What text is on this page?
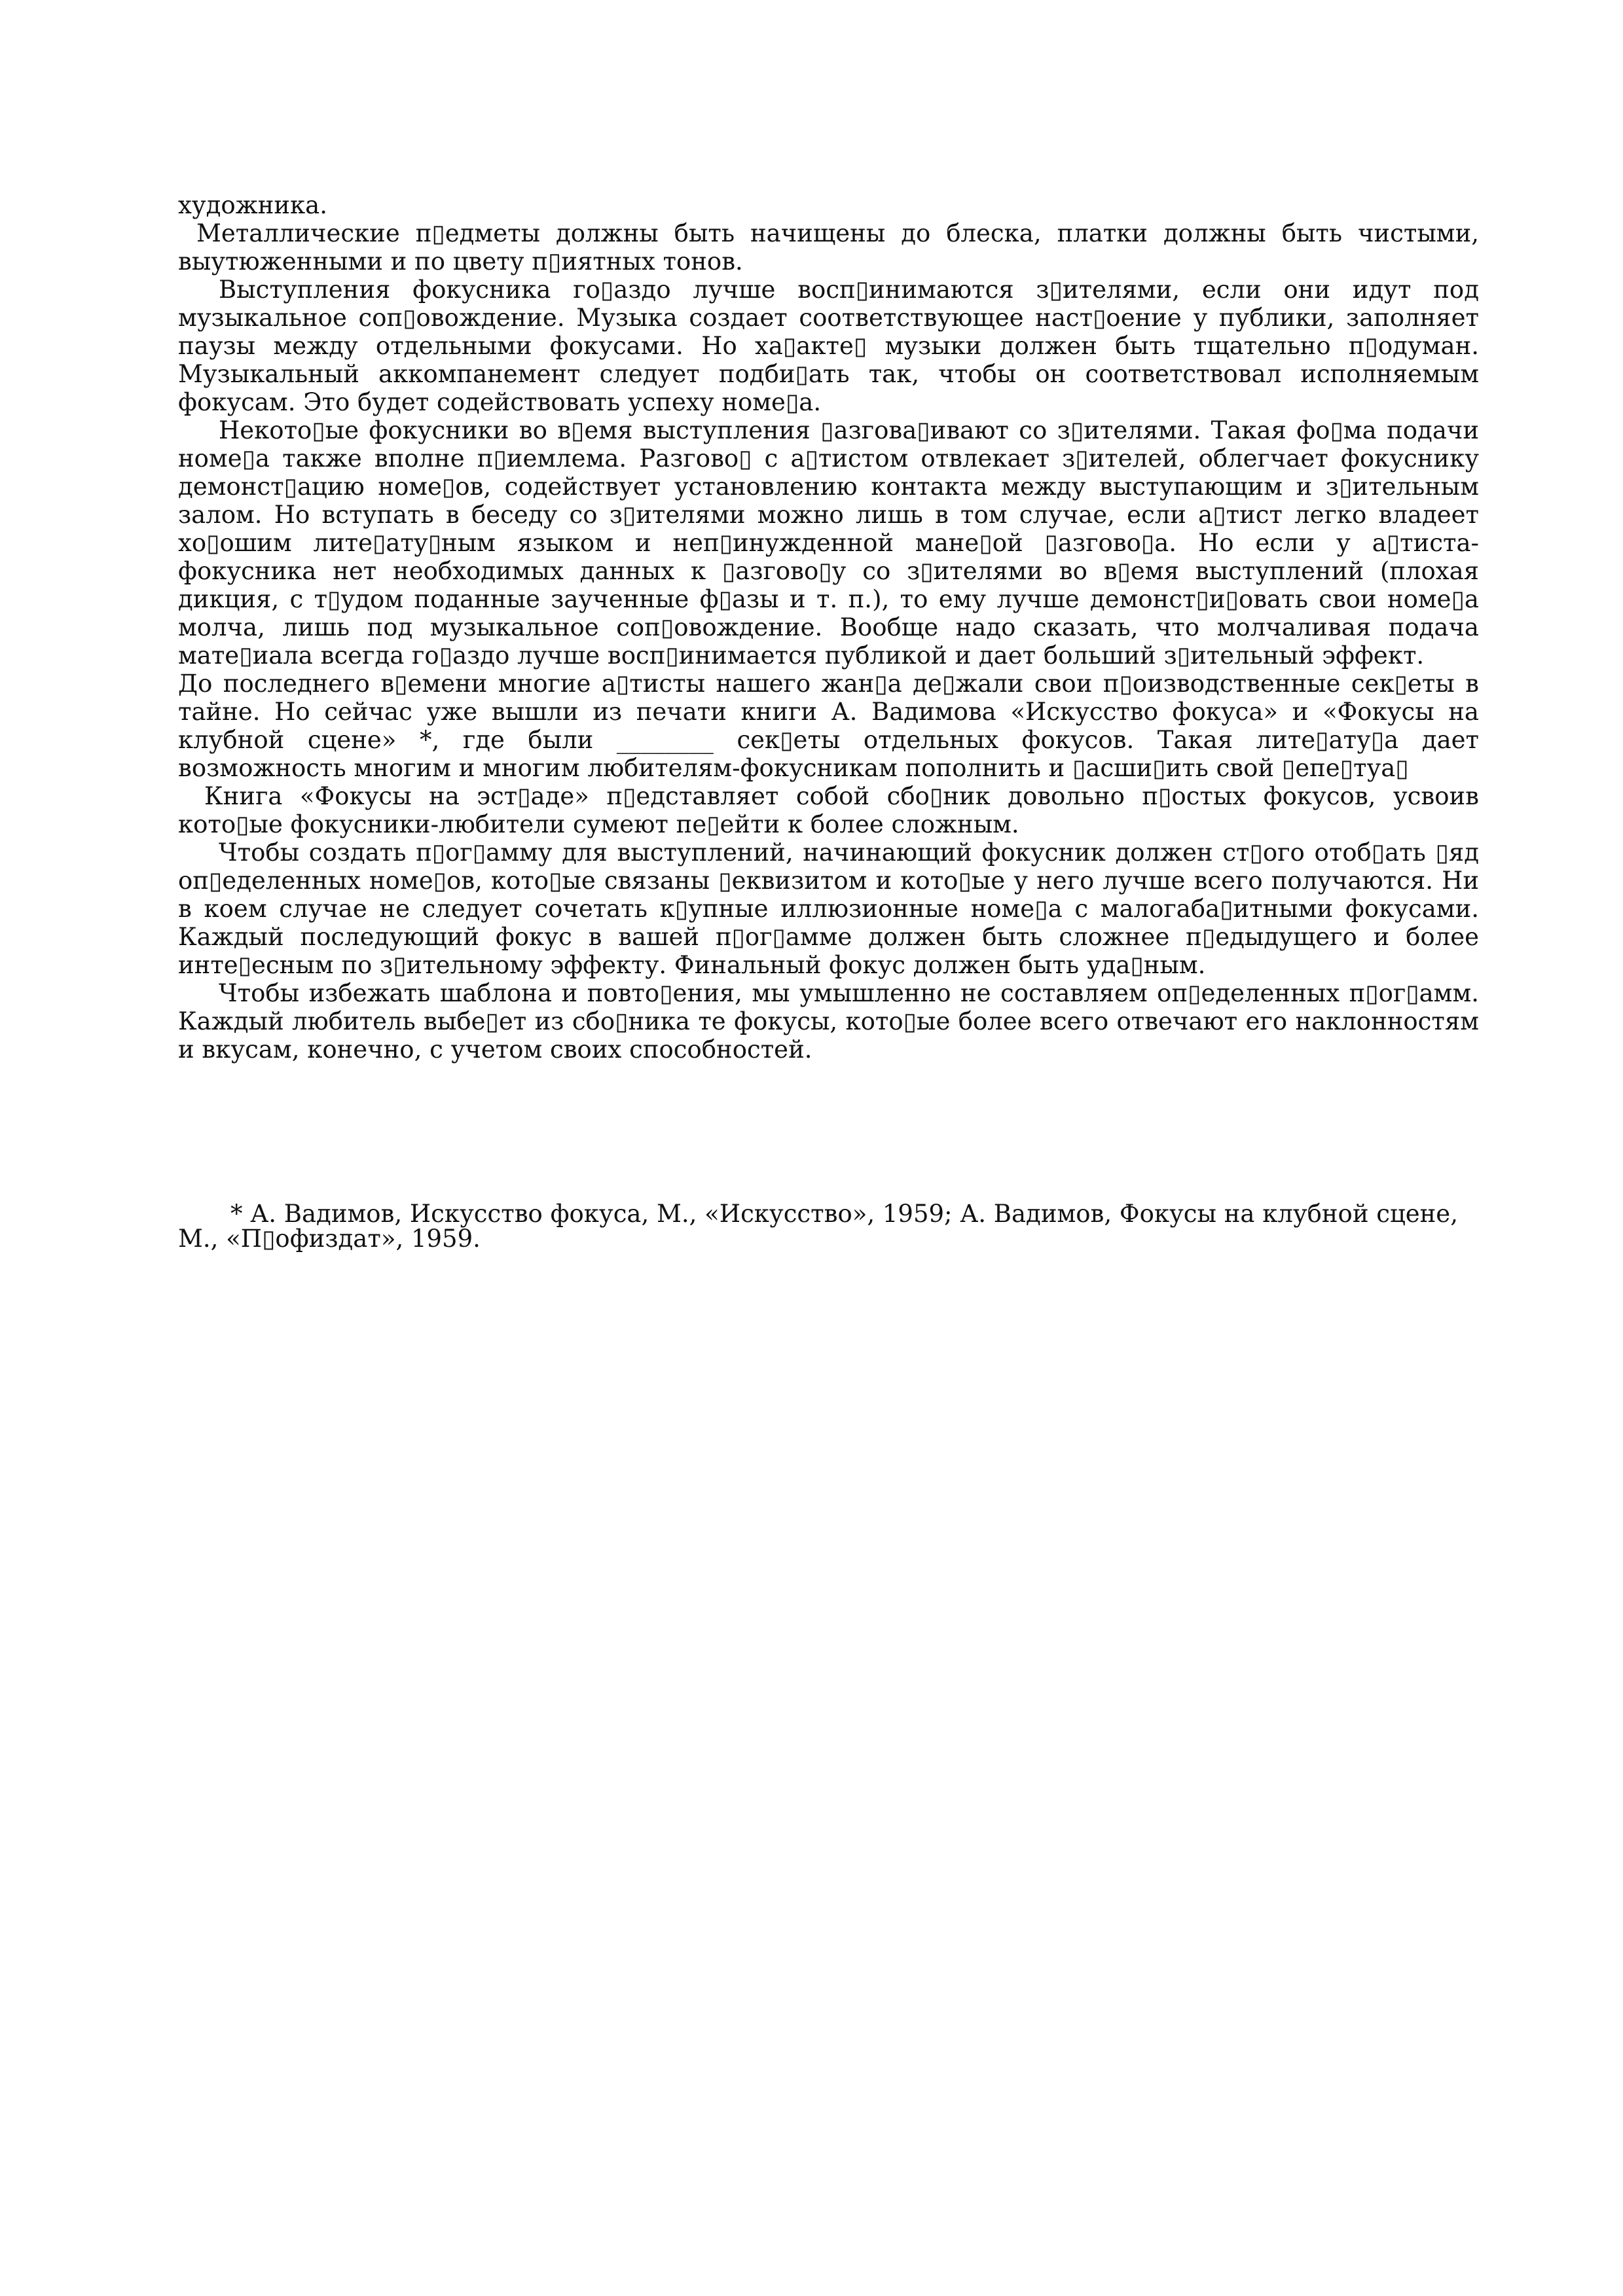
художника.

Металлические п▯едметы должны быть начищены до блеска, платки должны быть чистыми, выутюженными и по цвету п▯иятных тонов.

Выступления фокусника го▯аздо лучше восп▯инимаются з▯ителями, если они идут под музыкальное соп▯овождение. Музыка создает соответствующее наст▯оение у публики, заполняет паузы между отдельными фокусами. Но ха▯акте▯ музыки должен быть тщательно п▯одуман. Музыкальный аккомпанемент следует подби▯ать так, чтобы он соответствовал исполняемым фокусам. Это будет содействовать успеху номе▯а.

Некото▯ые фокусники во в▯емя выступления ▯азгова▯ивают со з▯ителями. Такая фо▯ма подачи номе▯а также вполне п▯иемлема. Разгово▯ с а▯тистом отвлекает з▯ителей, облегчает фокуснику демонст▯ацию номе▯ов, содействует установлению контакта между выступающим и з▯ительным залом. Но вступать в беседу со з▯ителями можно лишь в том случае, если а▯тист легко владеет хо▯ошим лите▯ату▯ным языком и неп▯инужденной мане▯ой ▯азгово▯а. Но если у а▯тиста-фокусника нет необходимых данных к ▯азгово▯у со з▯ителями во в▯емя выступлений (плохая дикция, с т▯удом поданные заученные ф▯азы и т. п.), то ему лучше демонст▯и▯овать свои номе▯а молча, лишь под музыкальное соп▯овождение. Вообще надо сказать, что молчаливая подача мате▯иала всегда го▯аздо лучше восп▯инимается публикой и дает больший з▯ительный эффект.

До последнего в▯емени многие а▯тисты нашего жан▯а де▯жали свои п▯оизводственные сек▯еты в тайне. Но сейчас уже вышли из печати книги А. Вадимова «Искусство фокуса» и «Фокусы на клубной сцене» *, где были ________ сек▯еты отдельных фокусов. Такая лите▯ату▯а дает возможность многим и многим любителям-фокусникам пополнить и ▯асши▯ить свой ▯епе▯туа▯

Книга «Фокусы на эст▯аде» п▯едставляет собой сбо▯ник довольно п▯остых фокусов, усвоив кото▯ые фокусники-любители сумеют пе▯ейти к более сложным.

Чтобы создать п▯ог▯амму для выступлений, начинающий фокусник должен ст▯ого отоб▯ать ▯яд оп▯еделенных номе▯ов, кото▯ые связаны ▯еквизитом и кото▯ые у него лучше всего получаются. Ни в коем случае не следует сочетать к▯упные иллюзионные номе▯а с малогаба▯итными фокусами. Каждый последующий фокус в вашей п▯ог▯амме должен быть сложнее п▯едыдущего и более инте▯есным по з▯ительному эффекту. Финальный фокус должен быть уда▯ным.

Чтобы избежать шаблона и повто▯ения, мы умышленно не составляем оп▯еделенных п▯ог▯амм. Каждый любитель выбе▯ет из сбо▯ника те фокусы, кото▯ые более всего отвечают его наклонностям и вкусам, конечно, с учетом своих способностей.

* А. Вадимов, Искусство фокуса, М., «Искусство», 1959; А. Вадимов, Фокусы на клубной сцене, М., «П▯офиздат», 1959.
